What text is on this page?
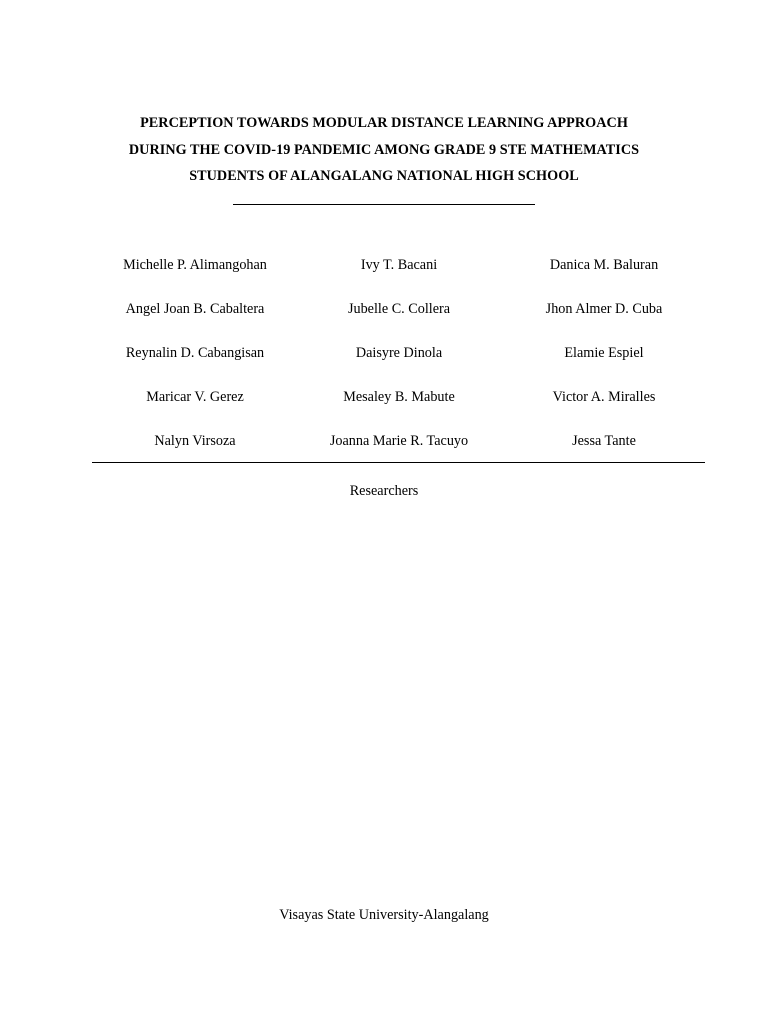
PERCEPTION TOWARDS MODULAR DISTANCE LEARNING APPROACH
DURING THE COVID-19 PANDEMIC AMONG GRADE 9 STE MATHEMATICS
STUDENTS OF ALANGALANG NATIONAL HIGH SCHOOL
Michelle P. Alimangohan	Ivy T. Bacani	Danica M. Baluran
Angel Joan B. Cabaltera	Jubelle C. Collera	Jhon Almer D. Cuba
Reynalin D. Cabangisan	Daisyre Dinola	Elamie Espiel
Maricar V. Gerez	Mesaley B. Mabute	Victor A. Miralles
Nalyn Virsoza	Joanna Marie R. Tacuyo	Jessa Tante
Researchers
Visayas State University-Alangalang
